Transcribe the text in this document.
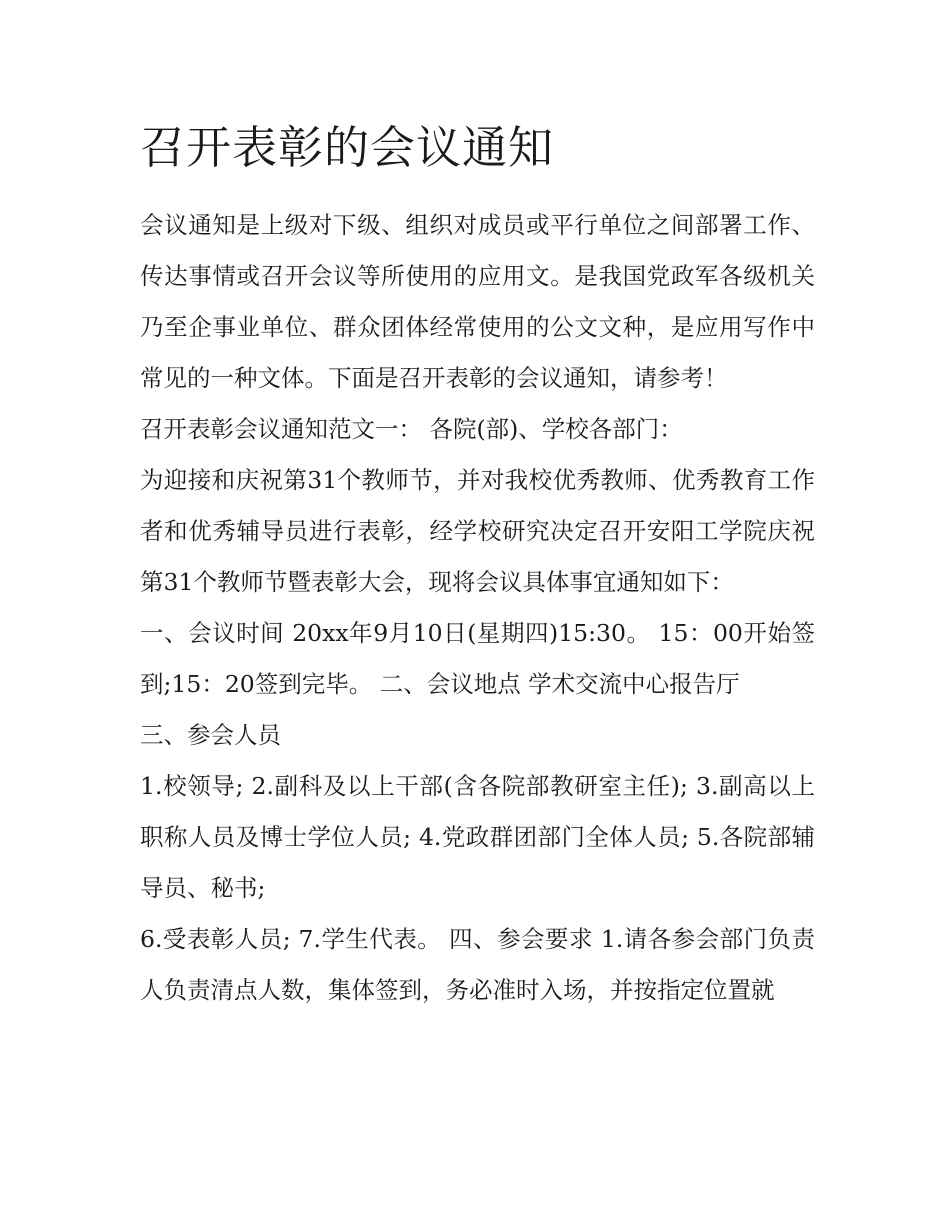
召开表彰的会议通知

会议通知是上级对下级、组织对成员或平行单位之间部署工作、传达事情或召开会议等所使用的应用文。是我国党政军各级机关乃至企事业单位、群众团体经常使用的公文文种，是应用写作中常见的一种文体。下面是召开表彰的会议通知，请参考！

召开表彰会议通知范文一： 各院(部)、学校各部门：

为迎接和庆祝第31个教师节，并对我校优秀教师、优秀教育工作者和优秀辅导员进行表彰，经学校研究决定召开安阳工学院庆祝第31个教师节暨表彰大会，现将会议具体事宜通知如下：

一、会议时间 20xx年9月10日(星期四)15:30。 15：00开始签到;15：20签到完毕。 二、会议地点 学术交流中心报告厅

三、参会人员

1.校领导; 2.副科及以上干部(含各院部教研室主任); 3.副高以上职称人员及博士学位人员; 4.党政群团部门全体人员; 5.各院部辅导员、秘书;

6.受表彰人员; 7.学生代表。 四、参会要求 1.请各参会部门负责人负责清点人数，集体签到，务必准时入场，并按指定位置就
